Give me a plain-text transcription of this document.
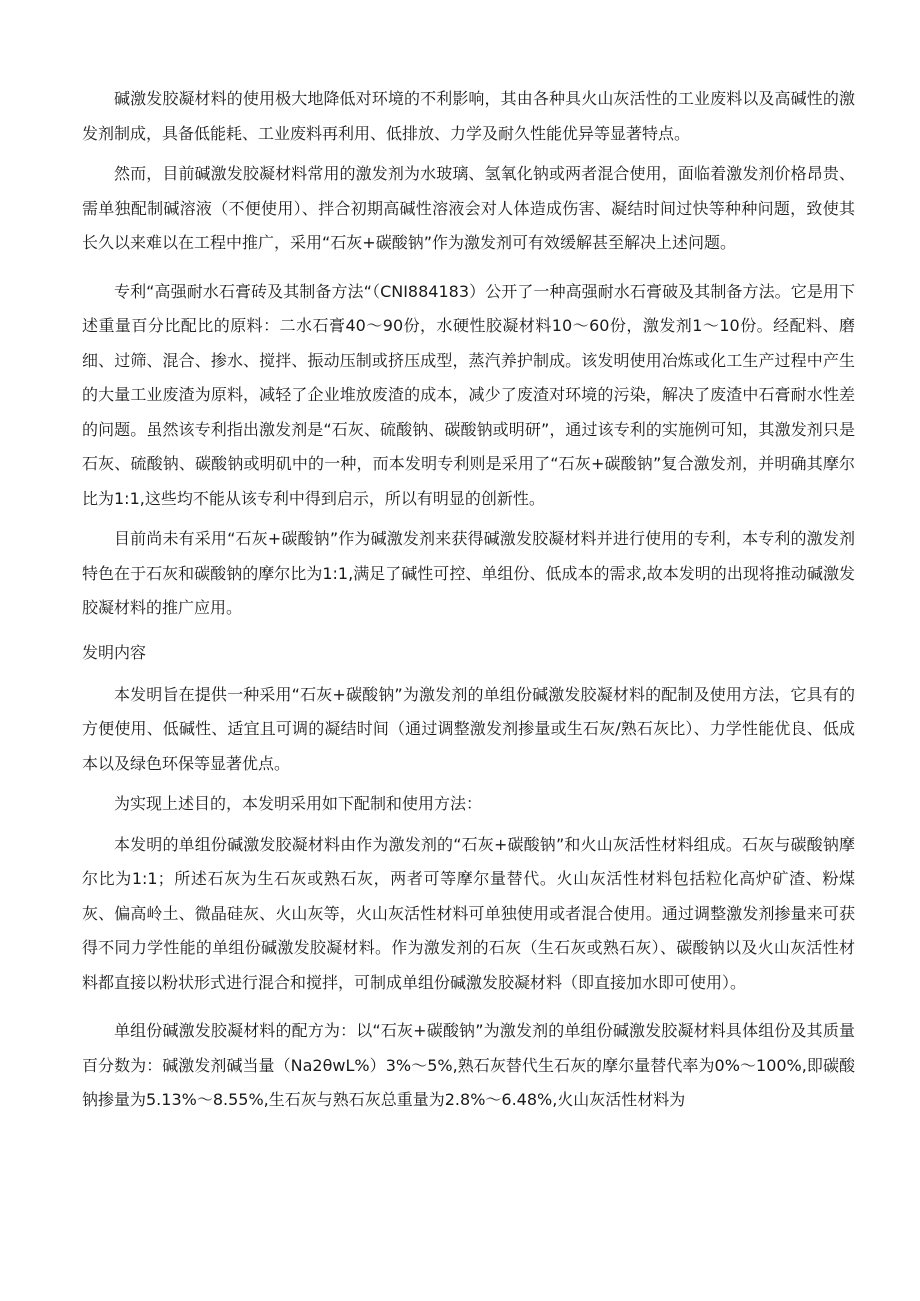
碱激发胶凝材料的使用极大地降低对环境的不利影响，其由各种具火山灰活性的工业废料以及高碱性的激发剂制成，具备低能耗、工业废料再利用、低排放、力学及耐久性能优异等显著特点。

然而，目前碱激发胶凝材料常用的激发剂为水玻璃、氢氧化钠或两者混合使用，面临着激发剂价格昂贵、需单独配制碱溶液（不便使用）、拌合初期高碱性溶液会对人体造成伤害、凝结时间过快等种种问题，致使其长久以来难以在工程中推广，采用“石灰+碳酸钠”作为激发剂可有效缓解甚至解决上述问题。

专利“高强耐水石膏砖及其制备方法“（CNI884183）公开了一种高强耐水石膏破及其制备方法。它是用下述重量百分比配比的原料：二水石膏40～90份，水硬性胶凝材料10～60份，激发剂1～10份。经配料、磨细、过筛、混合、掺水、搅拌、振动压制或挤压成型，蒸汽养护制成。该发明使用冶炼或化工生产过程中产生的大量工业废渣为原料，减轻了企业堆放废渣的成本，减少了废渣对环境的污染，解决了废渣中石膏耐水性差的问题。虽然该专利指出激发剂是“石灰、硫酸钠、碳酸钠或明研”，通过该专利的实施例可知，其激发剂只是石灰、硫酸钠、碳酸钠或明矶中的一种，而本发明专利则是采用了“石灰+碳酸钠”复合激发剂，并明确其摩尔比为1:1,这些均不能从该专利中得到启示，所以有明显的创新性。

目前尚未有采用“石灰+碳酸钠”作为碱激发剂来获得碱激发胶凝材料并进行使用的专利，本专利的激发剂特色在于石灰和碳酸钠的摩尔比为1:1,满足了碱性可控、单组份、低成本的需求,故本发明的出现将推动碱激发胶凝材料的推广应用。

发明内容

本发明旨在提供一种采用“石灰+碳酸钠”为激发剂的单组份碱激发胶凝材料的配制及使用方法，它具有的方便使用、低碱性、适宜且可调的凝结时间（通过调整激发剂掺量或生石灰/熟石灰比）、力学性能优良、低成本以及绿色环保等显著优点。

为实现上述目的，本发明采用如下配制和使用方法：

本发明的单组份碱激发胶凝材料由作为激发剂的“石灰+碳酸钠”和火山灰活性材料组成。石灰与碳酸钠摩尔比为1:1；所述石灰为生石灰或熟石灰，两者可等摩尔量替代。火山灰活性材料包括粒化高炉矿渣、粉煤灰、偏高岭土、微晶硅灰、火山灰等，火山灰活性材料可单独使用或者混合使用。通过调整激发剂掺量来可获得不同力学性能的单组份碱激发胶凝材料。作为激发剂的石灰（生石灰或熟石灰）、碳酸钠以及火山灰活性材料都直接以粉状形式进行混合和搅拌，可制成单组份碱激发胶凝材料（即直接加水即可使用）。

单组份碱激发胶凝材料的配方为：以“石灰+碳酸钠”为激发剂的单组份碱激发胶凝材料具体组份及其质量百分数为：碱激发剂碱当量（Na2θwL%）3%～5%,熟石灰替代生石灰的摩尔量替代率为0%～100%,即碳酸钠掺量为5.13%～8.55%,生石灰与熟石灰总重量为2.8%～6.48%,火山灰活性材料为
